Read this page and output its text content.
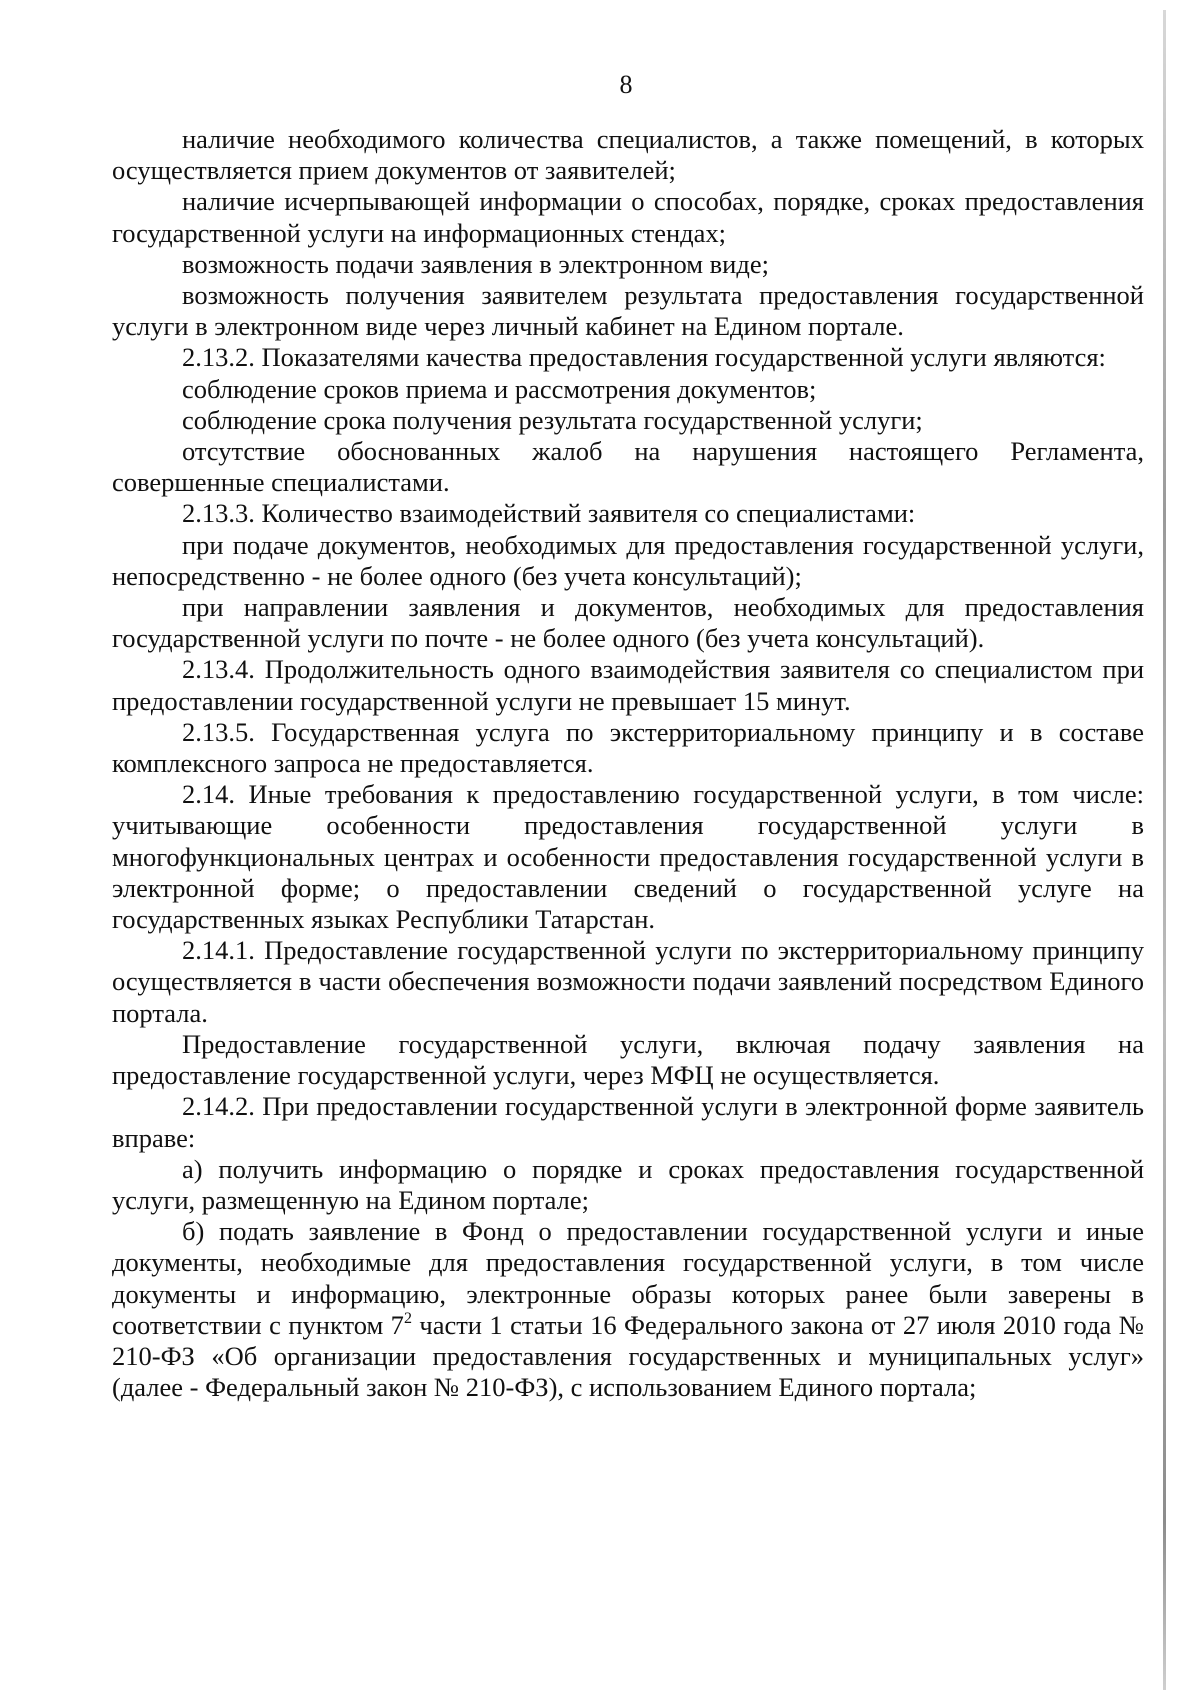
8

наличие необходимого количества специалистов, а также помещений, в которых осуществляется прием документов от заявителей;

наличие исчерпывающей информации о способах, порядке, сроках предоставления государственной услуги на информационных стендах;

возможность подачи заявления в электронном виде;

возможность получения заявителем результата предоставления государственной услуги в электронном виде через личный кабинет на Едином портале.

2.13.2. Показателями качества предоставления государственной услуги являются:

соблюдение сроков приема и рассмотрения документов;

соблюдение срока получения результата государственной услуги;

отсутствие обоснованных жалоб на нарушения настоящего Регламента, совершенные специалистами.

2.13.3. Количество взаимодействий заявителя со специалистами:

при подаче документов, необходимых для предоставления государственной услуги, непосредственно - не более одного (без учета консультаций);

при направлении заявления и документов, необходимых для предоставления государственной услуги по почте - не более одного (без учета консультаций).

2.13.4. Продолжительность одного взаимодействия заявителя со специалистом при предоставлении государственной услуги не превышает 15 минут.

2.13.5. Государственная услуга по экстерриториальному принципу и в составе комплексного запроса не предоставляется.

2.14. Иные требования к предоставлению государственной услуги, в том числе: учитывающие особенности предоставления государственной услуги в многофункциональных центрах и особенности предоставления государственной услуги в электронной форме; о предоставлении сведений о государственной услуге на государственных языках Республики Татарстан.

2.14.1. Предоставление государственной услуги по экстерриториальному принципу осуществляется в части обеспечения возможности подачи заявлений посредством Единого портала.

Предоставление государственной услуги, включая подачу заявления на предоставление государственной услуги, через МФЦ не осуществляется.

2.14.2. При предоставлении государственной услуги в электронной форме заявитель вправе:

а) получить информацию о порядке и сроках предоставления государственной услуги, размещенную на Едином портале;

б) подать заявление в Фонд о предоставлении государственной услуги и иные документы, необходимые для предоставления государственной услуги, в том числе документы и информацию, электронные образы которых ранее были заверены в соответствии с пунктом $7^2$ части 1 статьи 16 Федерального закона от 27 июля 2010 года № 210-ФЗ «Об организации предоставления государственных и муниципальных услуг» (далее - Федеральный закон № 210-ФЗ), с использованием Единого портала;
